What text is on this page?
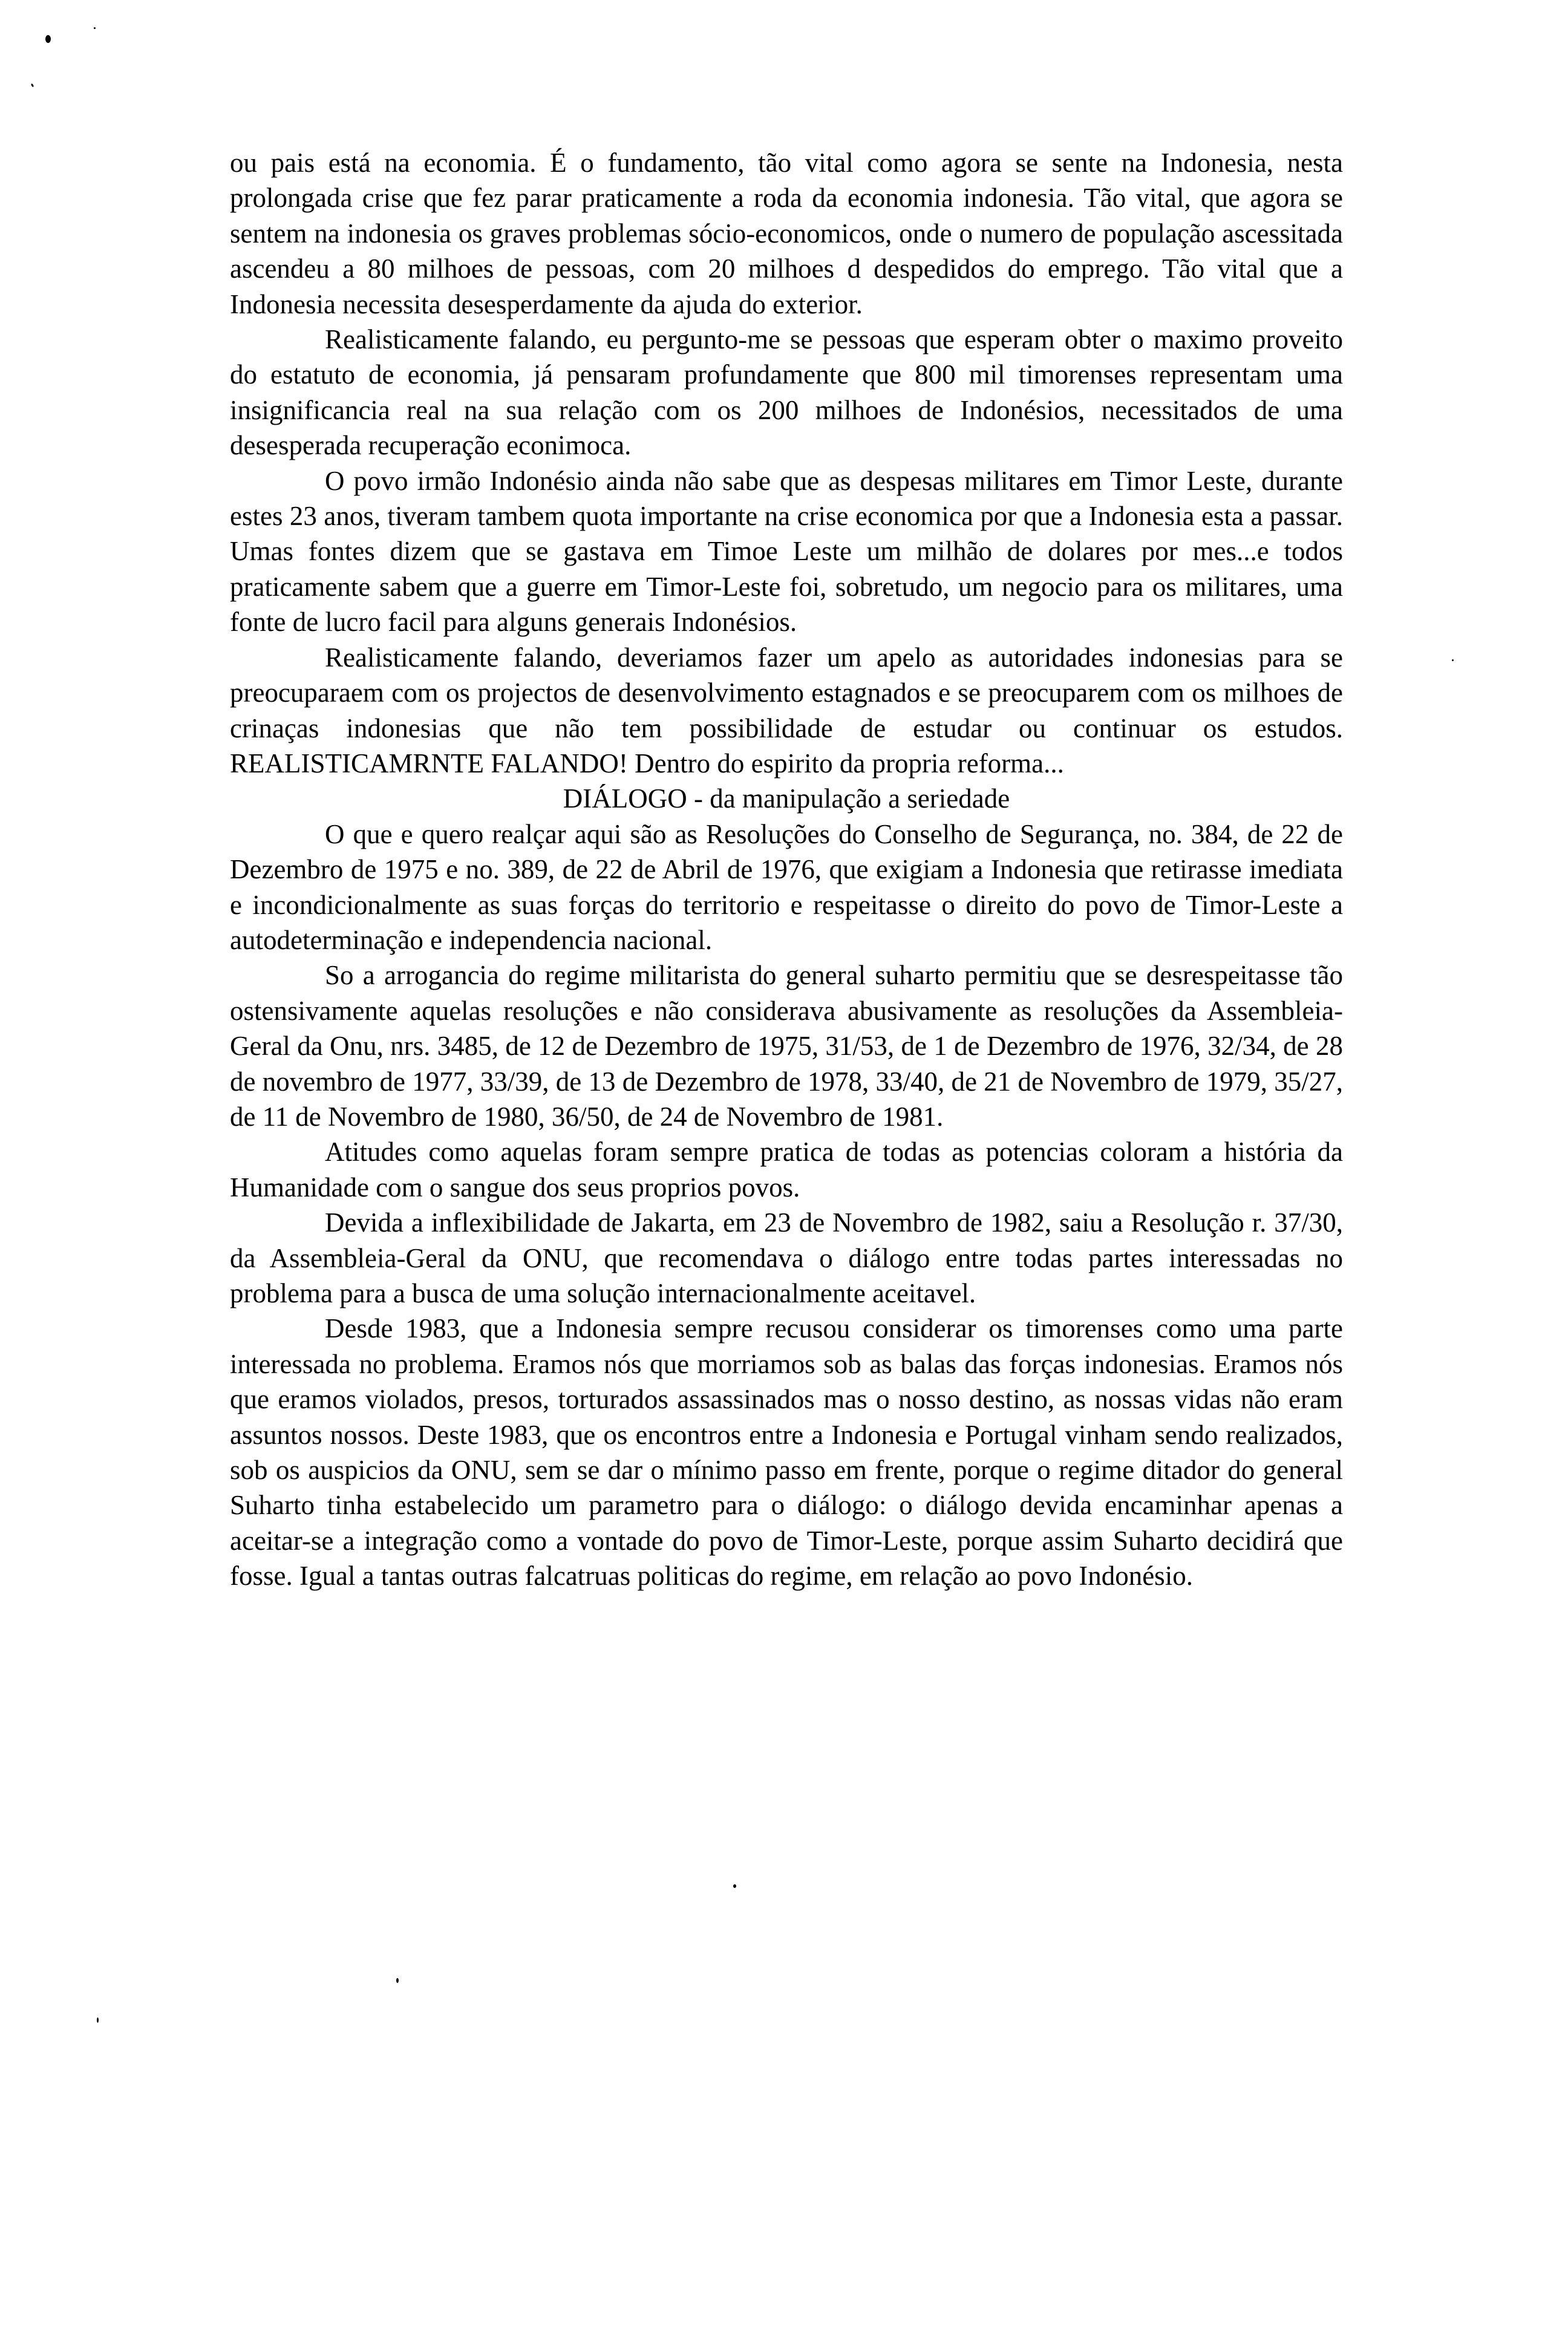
ou pais está na economia. É o fundamento, tão vital como agora se sente na Indonesia, nesta prolongada crise que fez parar praticamente a roda da economia indonesia. Tão vital, que agora se sentem na indonesia os graves problemas sócio-economicos, onde o numero de população ascessitada ascendeu a 80 milhoes de pessoas, com 20 milhoes d despedidos do emprego. Tão vital que a Indonesia necessita desesperdamente da ajuda do exterior.

Realisticamente falando, eu pergunto-me se pessoas que esperam obter o maximo proveito do estatuto de economia, já pensaram profundamente que 800 mil timorenses representam uma insignificancia real na sua relação com os 200 milhoes de Indonésios, necessitados de uma desesperada recuperação econimoca.

O povo irmão Indonésio ainda não sabe que as despesas militares em Timor Leste, durante estes 23 anos, tiveram tambem quota importante na crise economica por que a Indonesia esta a passar. Umas fontes dizem que se gastava em Timoe Leste um milhão de dolares por mes...e todos praticamente sabem que a guerre em Timor-Leste foi, sobretudo, um negocio para os militares, uma fonte de lucro facil para alguns generais Indonésios.

Realisticamente falando, deveriamos fazer um apelo as autoridades indonesias para se preocuparaem com os projectos de desenvolvimento estagnados e se preocuparem com os milhoes de crinaças indonesias que não tem possibilidade de estudar ou continuar os estudos. REALISTICAMRNTE FALANDO! Dentro do espirito da propria reforma...

DIÁLOGO - da manipulação a seriedade

O que e quero realçar aqui são as Resoluções do Conselho de Segurança, no. 384, de 22 de Dezembro de 1975 e no. 389, de 22 de Abril de 1976, que exigiam a Indonesia que retirasse imediata e incondicionalmente as suas forças do territorio e respeitasse o direito do povo de Timor-Leste a autodeterminação e independencia nacional.

So a arrogancia do regime militarista do general suharto permitiu que se desrespeitasse tão ostensivamente aquelas resoluções e não considerava abusivamente as resoluções da Assembleia-Geral da Onu, nrs. 3485, de 12 de Dezembro de 1975, 31/53, de 1 de Dezembro de 1976, 32/34, de 28 de novembro de 1977, 33/39, de 13 de Dezembro de 1978, 33/40, de 21 de Novembro de 1979, 35/27, de 11 de Novembro de 1980, 36/50, de 24 de Novembro de 1981.

Atitudes como aquelas foram sempre pratica de todas as potencias coloram a história da Humanidade com o sangue dos seus proprios povos.

Devida a inflexibilidade de Jakarta, em 23 de Novembro de 1982, saiu a Resolução r. 37/30, da Assembleia-Geral da ONU, que recomendava o diálogo entre todas partes interessadas no problema para a busca de uma solução internacionalmente aceitavel.

Desde 1983, que a Indonesia sempre recusou considerar os timorenses como uma parte interessada no problema. Eramos nós que morriamos sob as balas das forças indonesias. Eramos nós que eramos violados, presos, torturados assassinados mas o nosso destino, as nossas vidas não eram assuntos nossos. Deste 1983, que os encontros entre a Indonesia e Portugal vinham sendo realizados, sob os auspicios da ONU, sem se dar o mínimo passo em frente, porque o regime ditador do general Suharto tinha estabelecido um parametro para o diálogo: o diálogo devida encaminhar apenas a aceitar-se a integração como a vontade do povo de Timor-Leste, porque assim Suharto decidirá que fosse. Igual a tantas outras falcatruas politicas do regime, em relação ao povo Indonésio.
